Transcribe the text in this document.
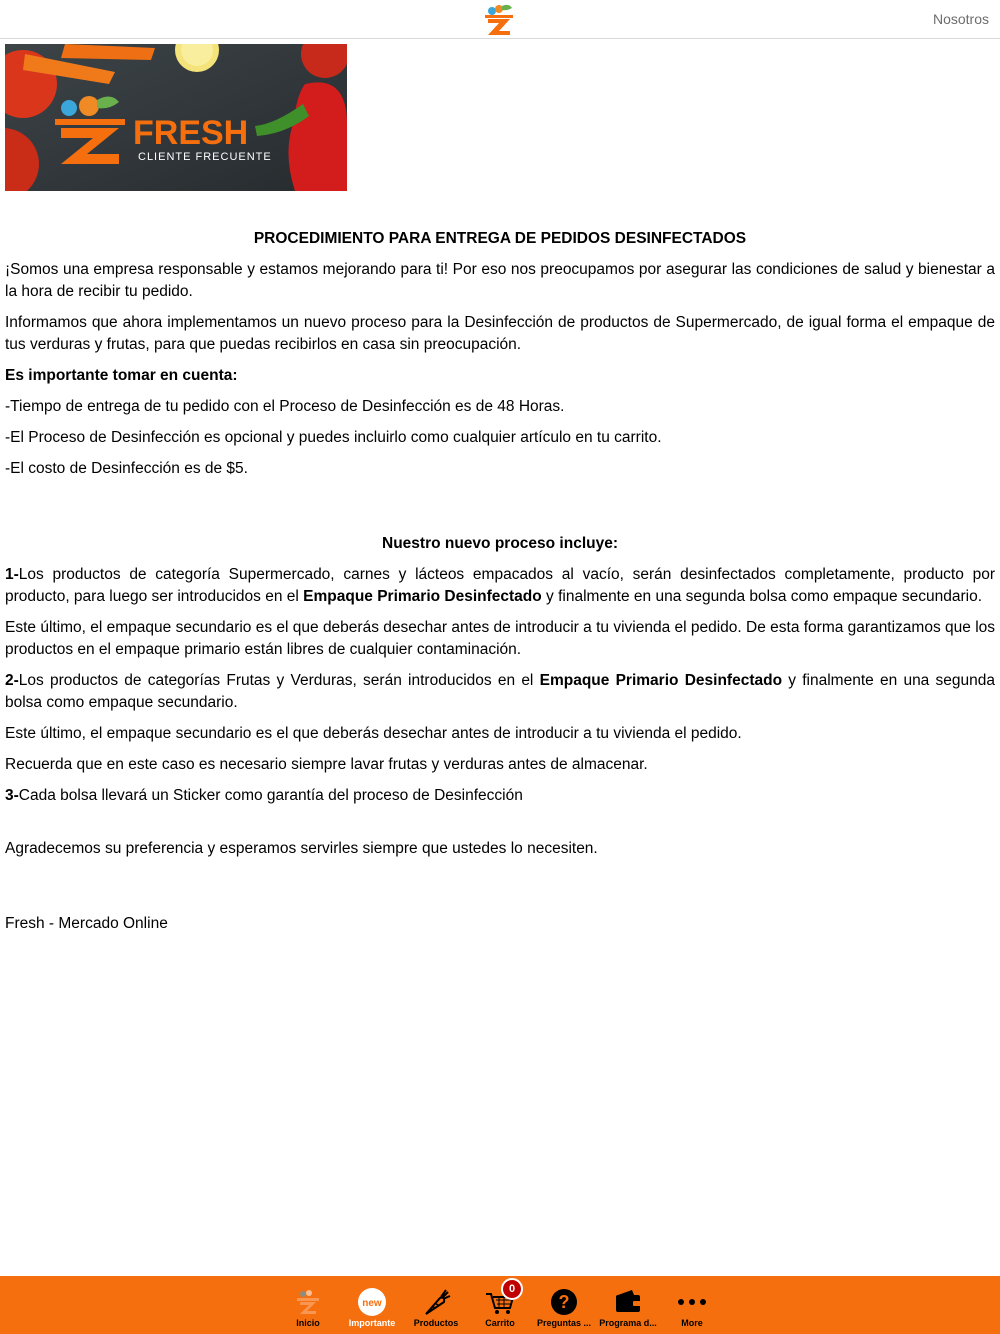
Nosotros
FRESH
CLIENTE FRECUENTE

PROCEDIMIENTO PARA ENTREGA DE PEDIDOS DESINFECTADOS

¡Somos una empresa responsable y estamos mejorando para ti! Por eso nos preocupamos por asegurar las condiciones de salud y bienestar a la hora de recibir tu pedido.

Informamos que ahora implementamos un nuevo proceso para la Desinfección de productos de Supermercado, de igual forma el empaque de tus verduras y frutas, para que puedas recibirlos en casa sin preocupación.

Es importante tomar en cuenta:

-Tiempo de entrega de tu pedido con el Proceso de Desinfección es de 48 Horas.

-El Proceso de Desinfección es opcional y puedes incluirlo como cualquier artículo en tu carrito.

-El costo de Desinfección es de $5.

Nuestro nuevo proceso incluye:

1-Los productos de categoría Supermercado, carnes y lácteos empacados al vacío, serán desinfectados completamente, producto por producto, para luego ser introducidos en el Empaque Primario Desinfectado y finalmente en una segunda bolsa como empaque secundario.

Este último, el empaque secundario es el que deberás desechar antes de introducir a tu vivienda el pedido. De esta forma garantizamos que los productos en el empaque primario están libres de cualquier contaminación.

2-Los productos de categorías Frutas y Verduras, serán introducidos en el Empaque Primario Desinfectado y finalmente en una segunda bolsa como empaque secundario.

Este último, el empaque secundario es el que deberás desechar antes de introducir a tu vivienda el pedido.

Recuerda que en este caso es necesario siempre lavar frutas y verduras antes de almacenar.

3-Cada bolsa llevará un Sticker como garantía del proceso de Desinfección

Agradecemos su preferencia y esperamos servirles siempre que ustedes lo necesiten.

Fresh - Mercado Online

Inicio
new
Importante	Productos
0
Carrito
?
Preguntas ... Programa d...	More
